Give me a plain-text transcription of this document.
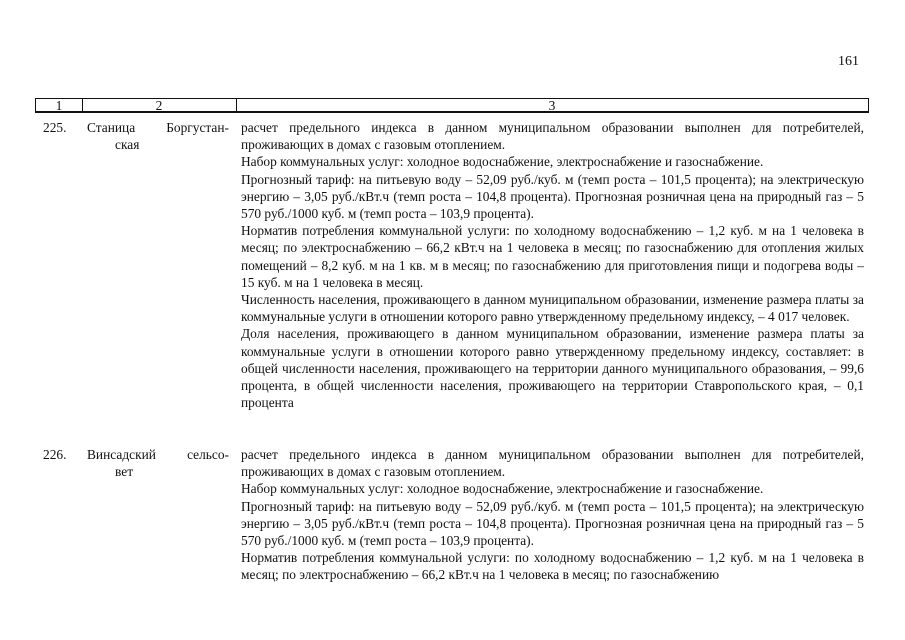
161
1	2	3
225. Станица Боргустан-
ская

расчет предельного индекса в данном муниципальном образовании выполнен для потребителей, проживающих в домах с газовым отоплением.

Набор коммунальных услуг: холодное водоснабжение, электроснабжение и газоснабжение.

Прогнозный тариф: на питьевую воду – 52,09 руб./куб. м (темп роста – 101,5 процента); на электрическую энергию – 3,05 руб./кВт.ч (темп роста – 104,8 процента). Прогнозная розничная цена на природный газ – 5 570 руб./1000 куб. м (темп роста – 103,9 процента).

Норматив потребления коммунальной услуги: по холодному водоснабжению – 1,2 куб. м на 1 человека в месяц; по электроснабжению – 66,2 кВт.ч на 1 человека в месяц; по газоснабжению для отопления жилых помещений – 8,2 куб. м на 1 кв. м в месяц; по газоснабжению для приготовления пищи и подогрева воды – 15 куб. м на 1 человека в месяц.

Численность населения, проживающего в данном муниципальном образовании, изменение размера платы за коммунальные услуги в отношении которого равно утвержденному предельному индексу, – 4 017 человек.

Доля населения, проживающего в данном муниципальном образовании, изменение размера платы за коммунальные услуги в отношении которого равно утвержденному предельному индексу, составляет: в общей численности населения, проживающего на территории данного муниципального образования, – 99,6 процента, в общей численности населения, проживающего на территории Ставропольского края, – 0,1 процента

226. Винсадский сельсо-
вет

расчет предельного индекса в данном муниципальном образовании выполнен для потребителей, проживающих в домах с газовым отоплением.

Набор коммунальных услуг: холодное водоснабжение, электроснабжение и газоснабжение.

Прогнозный тариф: на питьевую воду – 52,09 руб./куб. м (темп роста – 101,5 процента); на электрическую энергию – 3,05 руб./кВт.ч (темп роста – 104,8 процента). Прогнозная розничная цена на природный газ – 5 570 руб./1000 куб. м (темп роста – 103,9 процента).

Норматив потребления коммунальной услуги: по холодному водоснабжению – 1,2 куб. м на 1 человека в месяц; по электроснабжению – 66,2 кВт.ч на 1 человека в месяц; по газоснабжению
